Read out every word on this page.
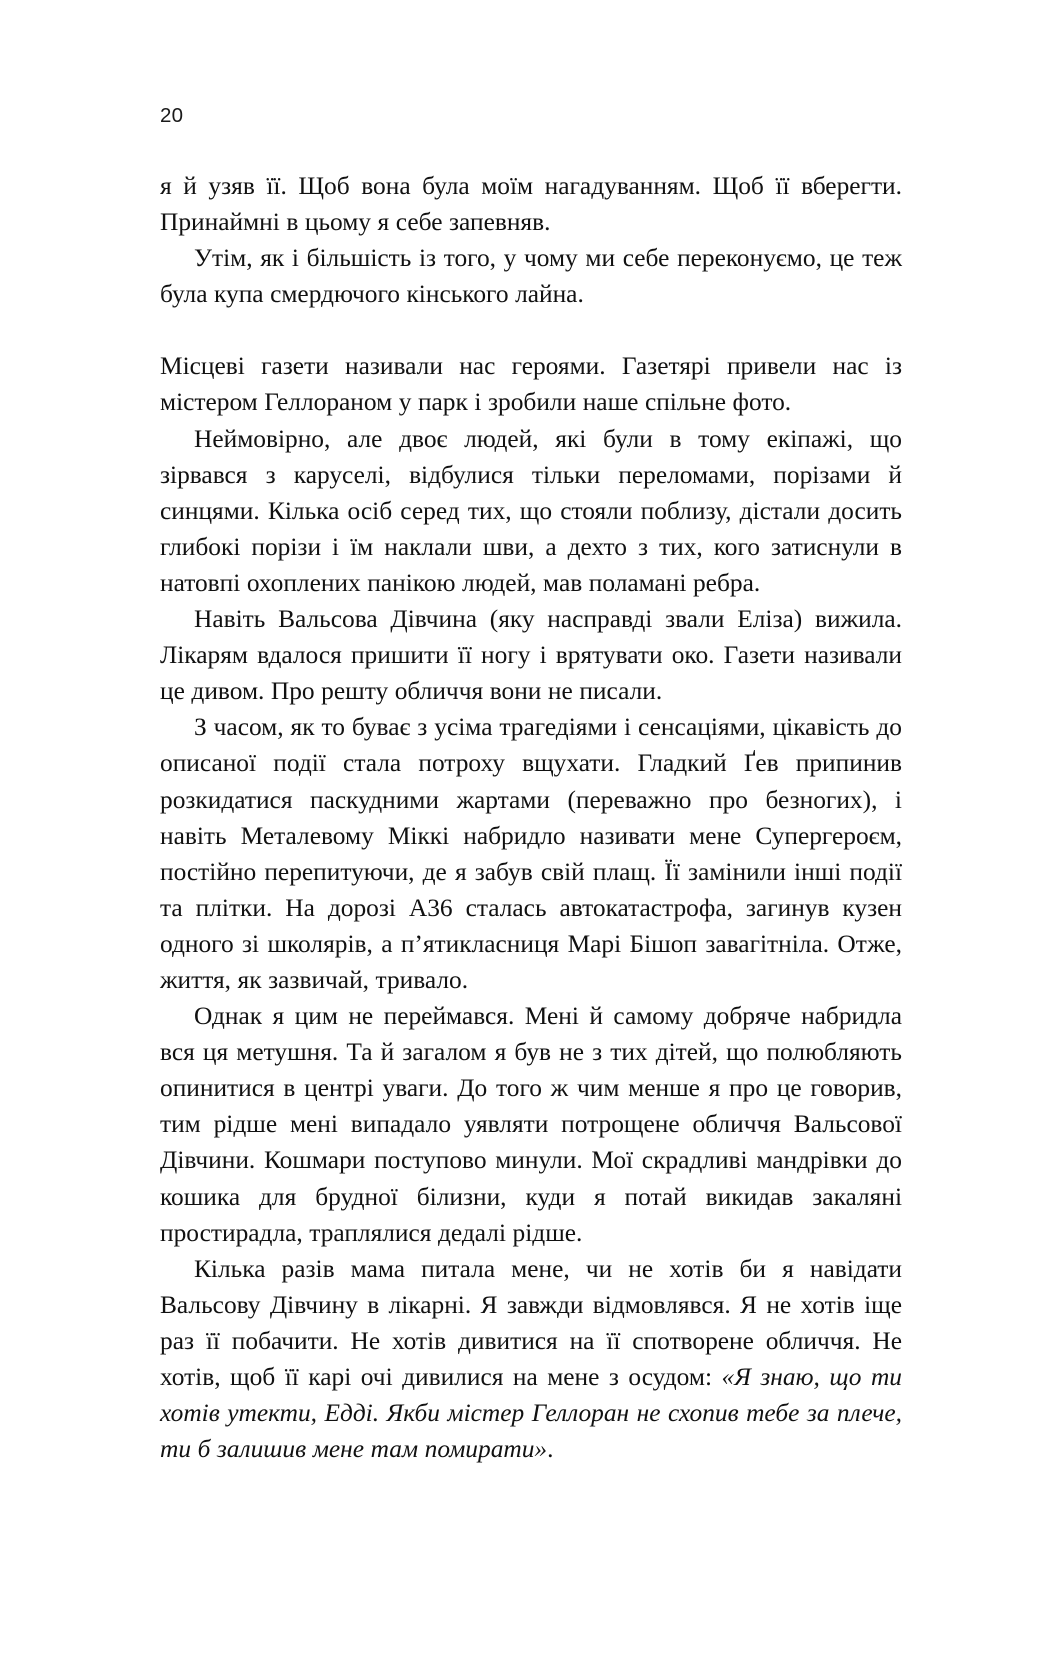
20

я й узяв її. Щоб вона була моїм нагадуванням. Щоб її вберегти. Принаймні в цьому я себе запевняв.

Утім, як і більшість із того, у чому ми себе переконуємо, це теж була купа смердючого кінського лайна.

Місцеві газети називали нас героями. Газетярі привели нас із містером Геллораном у парк і зробили наше спільне фото.

Неймовірно, але двоє людей, які були в тому екіпажі, що зірвався з каруселі, відбулися тільки переломами, порізами й синцями. Кілька осіб серед тих, що стояли поблизу, дістали досить глибокі порізи і їм наклали шви, а дехто з тих, кого затиснули в натовпі охоплених панікою людей, мав поламані ребра.

Навіть Вальсова Дівчина (яку насправді звали Еліза) вижила. Лікарям вдалося пришити її ногу і врятувати око. Газети називали це дивом. Про решту обличчя вони не писали.

З часом, як то буває з усіма трагедіями і сенсаціями, цікавість до описаної події стала потроху вщухати. Гладкий Ґев припинив розкидатися паскудними жартами (переважно про безногих), і навіть Металевому Міккі набридло називати мене Супергероєм, постійно перепитуючи, де я забув свій плащ. Її замінили інші події та плітки. На дорозі А36 сталась автокатастрофа, загинув кузен одного зі школярів, а п’ятикласниця Марі Бішоп завагітніла. Отже, життя, як зазвичай, тривало.

Однак я цим не переймався. Мені й самому добряче набридла вся ця метушня. Та й загалом я був не з тих дітей, що полюбляють опинитися в центрі уваги. До того ж чим менше я про це говорив, тим рідше мені випадало уявляти потрощене обличчя Вальсової Дівчини. Кошмари поступово минули. Мої скрадливі мандрівки до кошика для брудної білизни, куди я потай викидав закаляні простирадла, траплялися дедалі рідше.

Кілька разів мама питала мене, чи не хотів би я навідати Вальсову Дівчину в лікарні. Я завжди відмовлявся. Я не хотів іще раз її побачити. Не хотів дивитися на її спотворене обличчя. Не хотів, щоб її карі очі дивилися на мене з осудом: «Я знаю, що ти хотів утекти, Едді. Якби містер Геллоран не схопив тебе за плече, ти б залишив мене там помирати».
